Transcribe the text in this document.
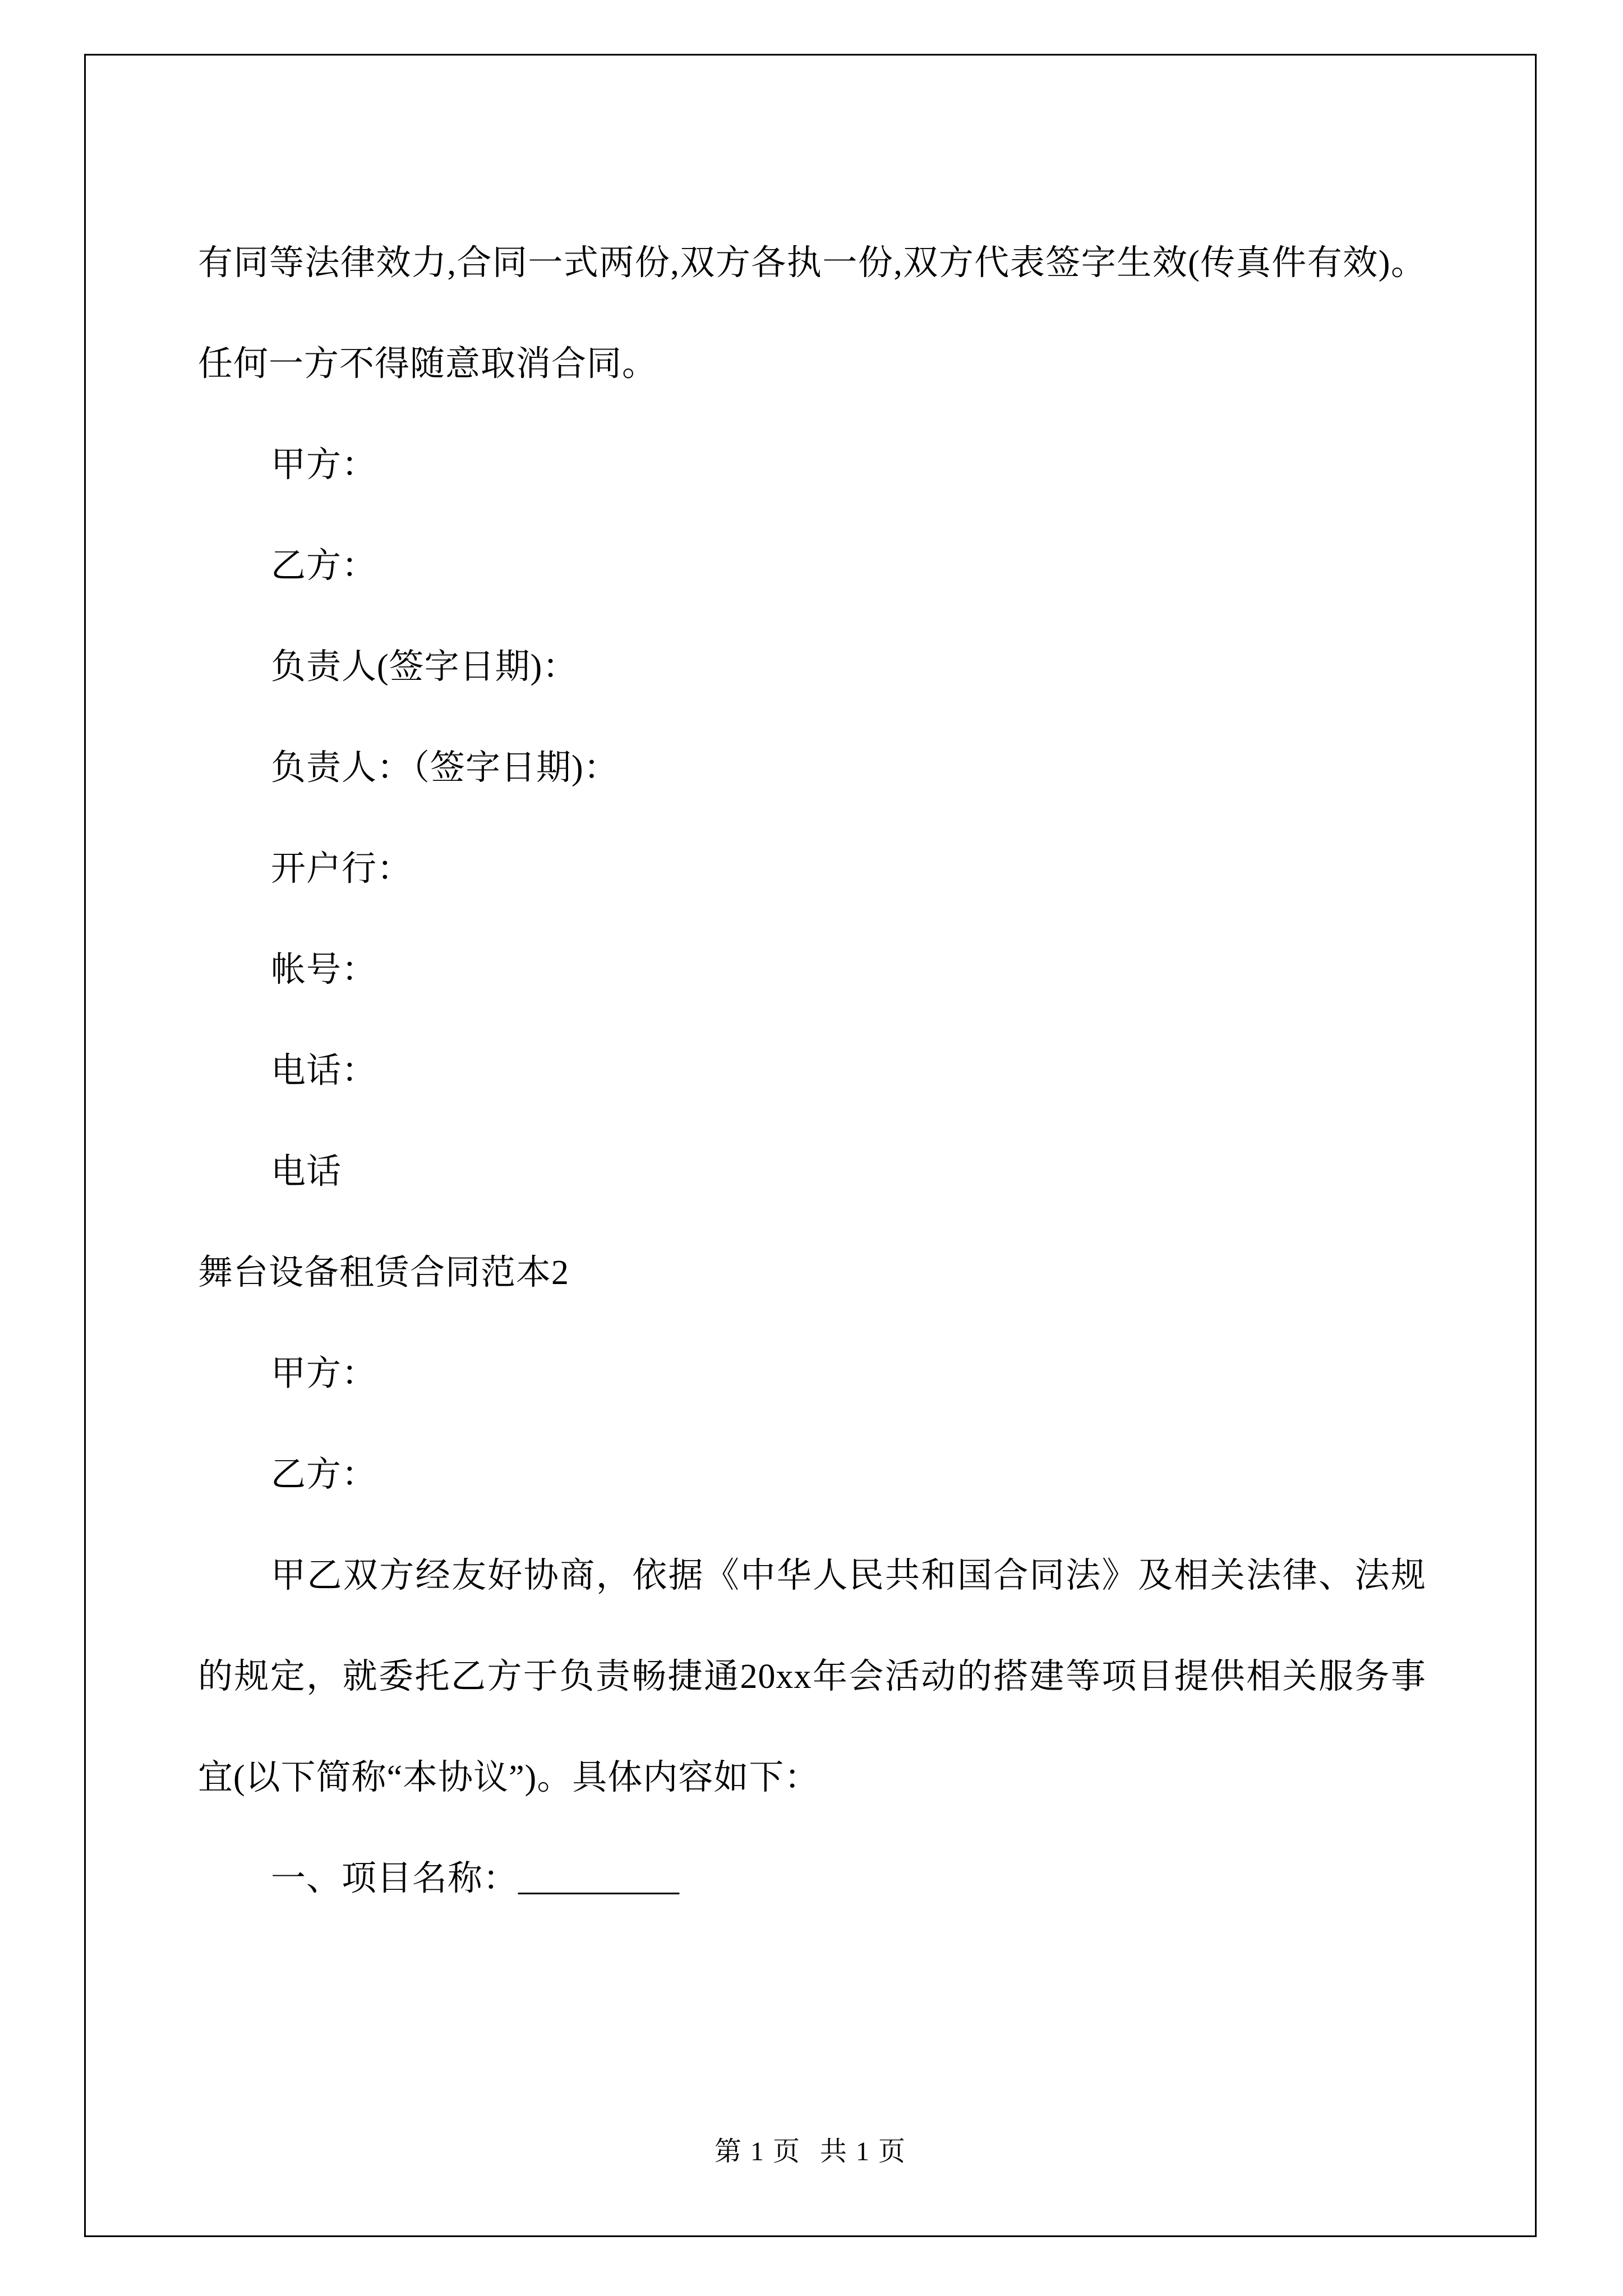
有同等法律效力,合同一式两份,双方各执一份,双方代表签字生效(传真件有效)。任何一方不得随意取消合同。

甲方：

乙方：

负责人(签字日期)：

负责人：（签字日期)：

开户行：

帐号：

电话：

电话

舞台设备租赁合同范本2

甲方：

乙方：

甲乙双方经友好协商，依据《中华人民共和国合同法》及相关法律、法规的规定，就委托乙方于负责畅捷通20xx年会活动的搭建等项目提供相关服务事宜(以下简称“本协议”)。具体内容如下：

一、项目名称：_________

第 1 页 共 1 页
